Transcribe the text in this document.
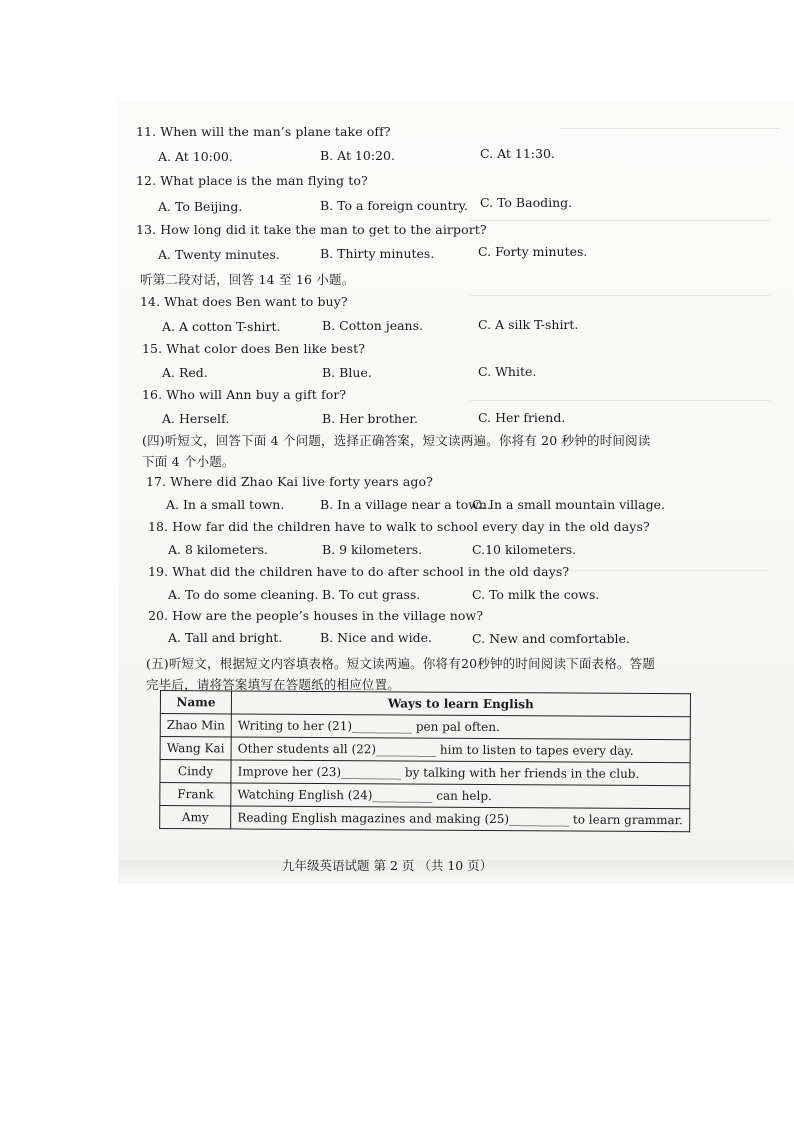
11. When will the man’s plane take off?
A. At 10:00.	B. At 10:20.	C. At 11:30.
12. What place is the man flying to?
A. To Beijing.	B. To a foreign country. C. To Baoding.
13. How long did it take the man to get to the airport?
A. Twenty minutes.	B. Thirty minutes.	C. Forty minutes.
听第二段对话，回答 14 至 16 小题。
14. What does Ben want to buy?
A. A cotton T-shirt.	B. Cotton jeans.	C. A silk T-shirt.
15. What color does Ben like best?
A. Red.	B. Blue.	C. White.
16. Who will Ann buy a gift for?
A. Herself.	B. Her brother.	C. Her friend.
(四)听短文，回答下面 4 个问题，选择正确答案，短文读两遍。你将有 20 秒钟的时间阅读
下面 4 个小题。
17. Where did Zhao Kai live forty years ago?
A. In a small town.	B. In a village near a town.
C. In a small mountain village.
18. How far did the children have to walk to school every day in the old days?
A. 8 kilometers.	B. 9 kilometers.	C.10 kilometers.
19. What did the children have to do after school in the old days?
A. To do some cleaning. B. To cut grass.	C. To milk the cows.
20. How are the people’s houses in the village now?
A. Tall and bright.	B. Nice and wide.	C. New and comfortable.
(五)听短文，根据短文内容填表格。短文读两遍。你将有20秒钟的时间阅读下面表格。答题
完毕后，请将答案填写在答题纸的相应位置。
Name	Ways to learn English
Zhao Min	Writing to her (21)__________ pen pal often.
Wang Kai	Other students all (22)__________ him to listen to tapes every day.
Cindy	Improve her (23)__________ by talking with her friends in the club.
Frank	Watching English (24)__________ can help.
Amy	Reading English magazines and making (25)__________ to learn grammar.
九年级英语试题 第 2 页 （共 10 页）
